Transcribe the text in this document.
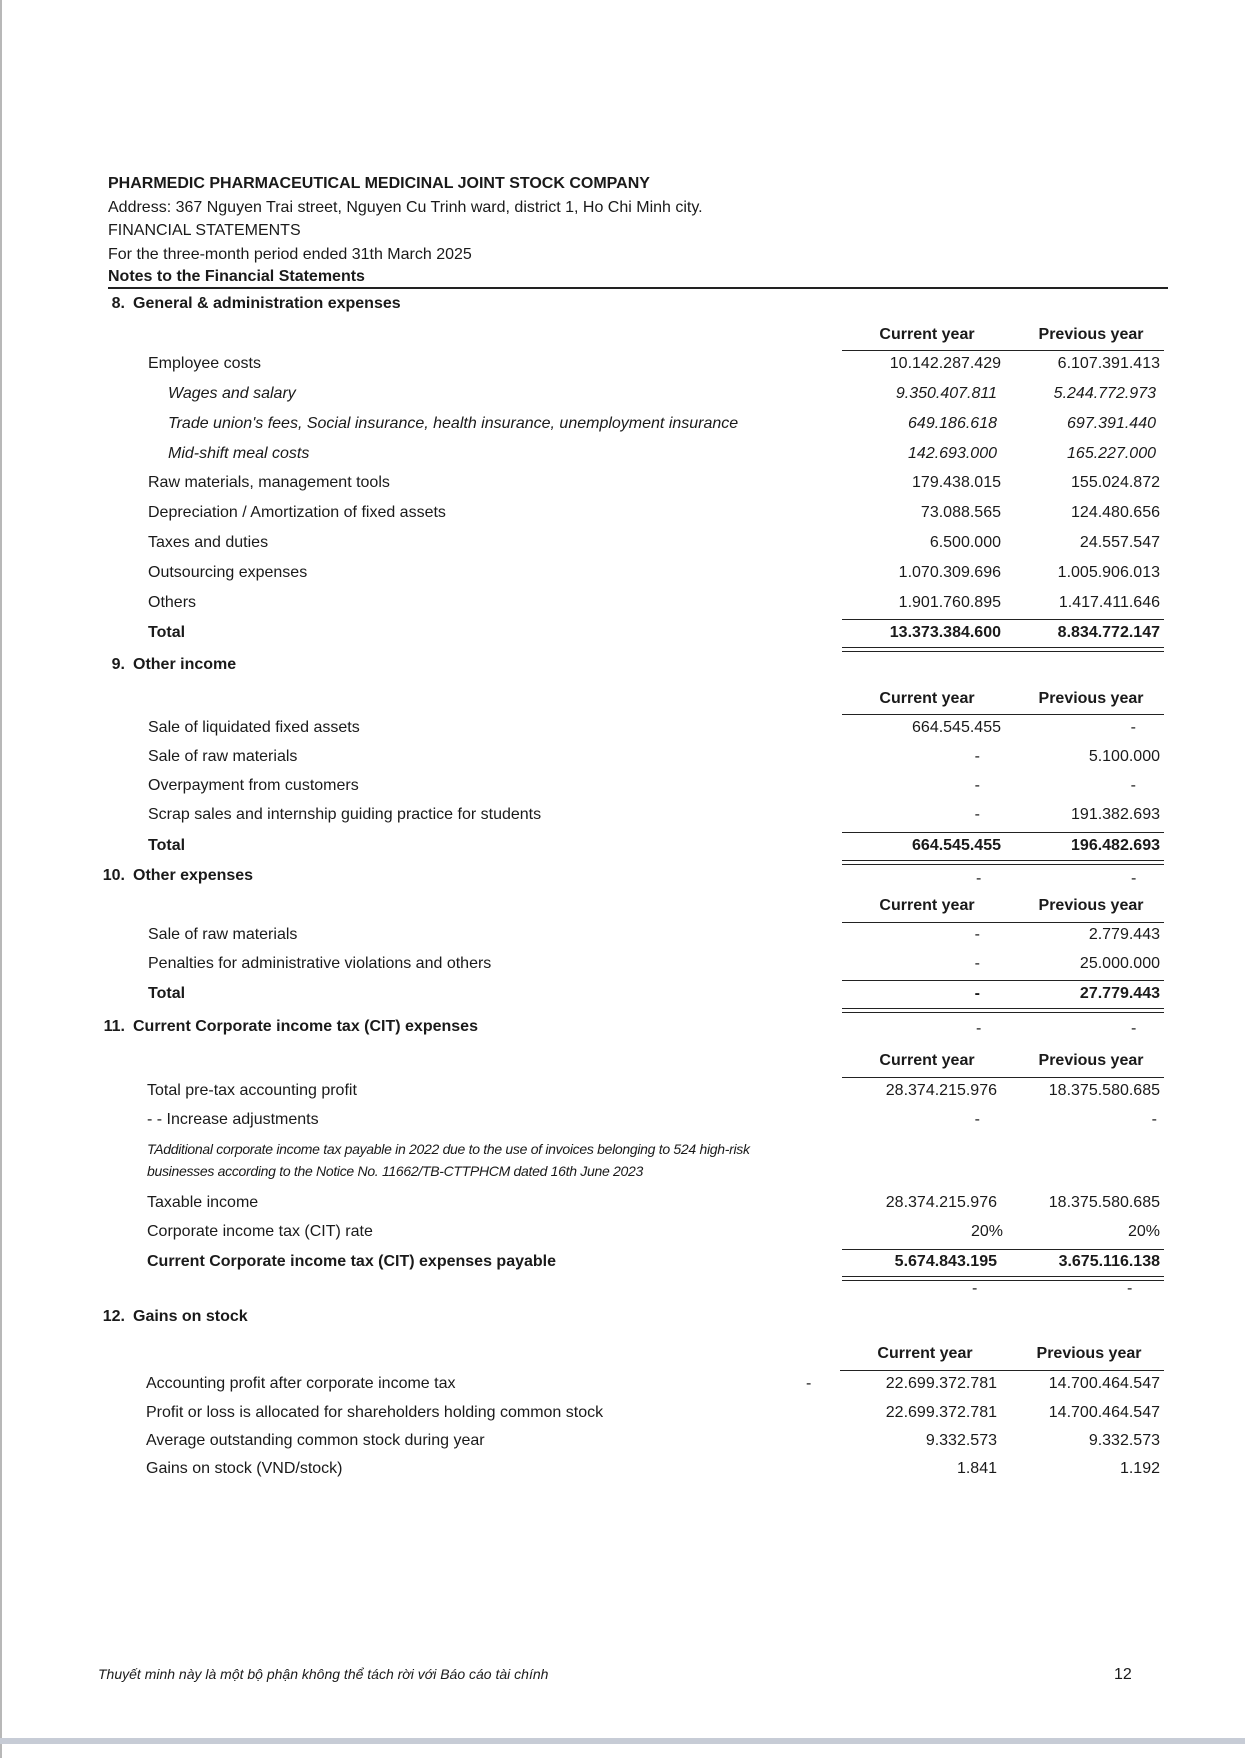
PHARMEDIC PHARMACEUTICAL MEDICINAL JOINT STOCK COMPANY
Address: 367 Nguyen Trai street, Nguyen Cu Trinh ward, district 1, Ho Chi Minh city.
FINANCIAL STATEMENTS
For the three-month period ended 31th March 2025
Notes to the Financial Statements
8. General & administration expenses
Current year	Previous year
Employee costs	10.142.287.429	6.107.391.413
Wages and salary	9.350.407.811	5.244.772.973
Trade union's fees, Social insurance, health insurance, unemployment insurance	649.186.618	697.391.440
Mid-shift meal costs	142.693.000	165.227.000
Raw materials, management tools	179.438.015	155.024.872
Depreciation / Amortization of fixed assets	73.088.565	124.480.656
Taxes and duties	6.500.000	24.557.547
Outsourcing expenses	1.070.309.696	1.005.906.013
Others	1.901.760.895	1.417.411.646
Total	13.373.384.600	8.834.772.147
9. Other income
Current year	Previous year
Sale of liquidated fixed assets	664.545.455	-
Sale of raw materials	-	5.100.000
Overpayment from customers	-	-
Scrap sales and internship guiding practice for students	-	191.382.693
Total	664.545.455	196.482.693
10. Other expenses	-	-
Current year	Previous year
Sale of raw materials	-	2.779.443
Penalties for administrative violations and others	-	25.000.000
Total	-	27.779.443
11. Current Corporate income tax (CIT) expenses	-	-
Current year	Previous year
Total pre-tax accounting profit	28.374.215.976	18.375.580.685
- - Increase adjustments	-	-
TAdditional corporate income tax payable in 2022 due to the use of invoices belonging to 524 high-risk businesses according to the Notice No. 11662/TB-CTTPHCM dated 16th June 2023
Taxable income	28.374.215.976	18.375.580.685
Corporate income tax (CIT) rate	20%	20%
Current Corporate income tax (CIT) expenses payable	5.674.843.195	3.675.116.138
-	-
12. Gains on stock
Current year	Previous year
Accounting profit after corporate income tax	-	22.699.372.781	14.700.464.547
Profit or loss is allocated for shareholders holding common stock	22.699.372.781	14.700.464.547
Average outstanding common stock during year	9.332.573	9.332.573
Gains on stock (VND/stock)	1.841	1.192
Thuyết minh này là một bộ phận không thể tách rời với Báo cáo tài chính	12
